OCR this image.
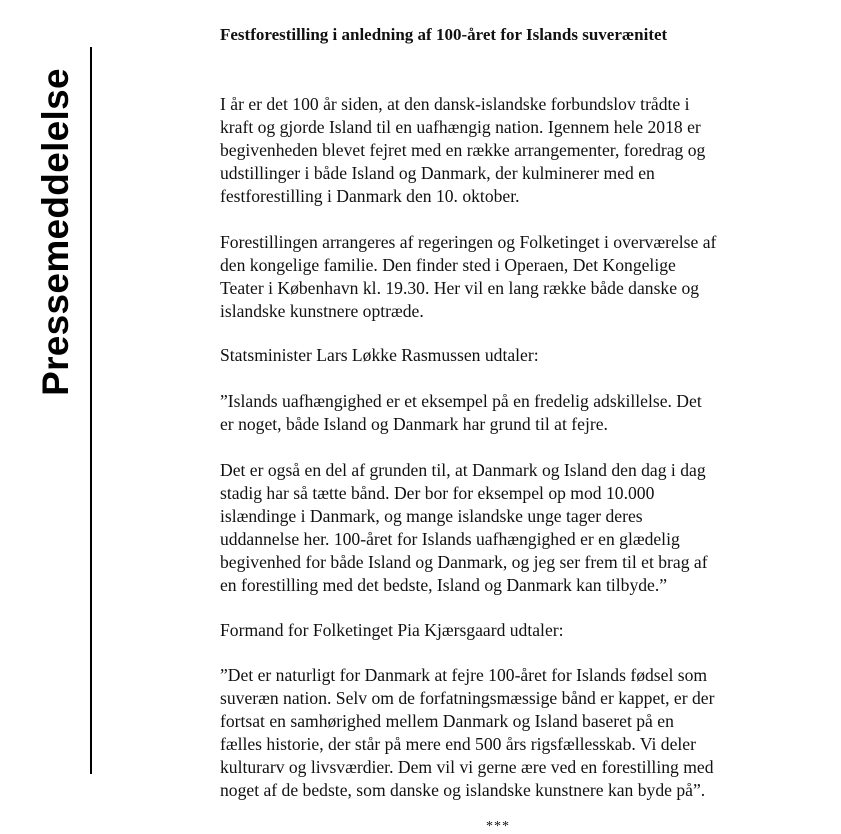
Pressemeddelelse
Festforestilling i anledning af 100-året for Islands suverænitet

I år er det 100 år siden, at den dansk-islandske forbundslov trådte i
kraft og gjorde Island til en uafhængig nation. Igennem hele 2018 er
begivenheden blevet fejret med en række arrangementer, foredrag og
udstillinger i både Island og Danmark, der kulminerer med en
festforestilling i Danmark den 10. oktober.

Forestillingen arrangeres af regeringen og Folketinget i overværelse af
den kongelige familie. Den finder sted i Operaen, Det Kongelige
Teater i København kl. 19.30. Her vil en lang række både danske og
islandske kunstnere optræde.

Statsminister Lars Løkke Rasmussen udtaler:

”Islands uafhængighed er et eksempel på en fredelig adskillelse. Det
er noget, både Island og Danmark har grund til at fejre.

Det er også en del af grunden til, at Danmark og Island den dag i dag
stadig har så tætte bånd. Der bor for eksempel op mod 10.000
islændinge i Danmark, og mange islandske unge tager deres
uddannelse her. 100-året for Islands uafhængighed er en glædelig
begivenhed for både Island og Danmark, og jeg ser frem til et brag af
en forestilling med det bedste, Island og Danmark kan tilbyde.”

Formand for Folketinget Pia Kjærsgaard udtaler:

”Det er naturligt for Danmark at fejre 100-året for Islands fødsel som
suveræn nation. Selv om de forfatningsmæssige bånd er kappet, er der
fortsat en samhørighed mellem Danmark og Island baseret på en
fælles historie, der står på mere end 500 års rigsfællesskab. Vi deler
kulturarv og livsværdier. Dem vil vi gerne ære ved en forestilling med
noget af de bedste, som danske og islandske kunstnere kan byde på”.

***
